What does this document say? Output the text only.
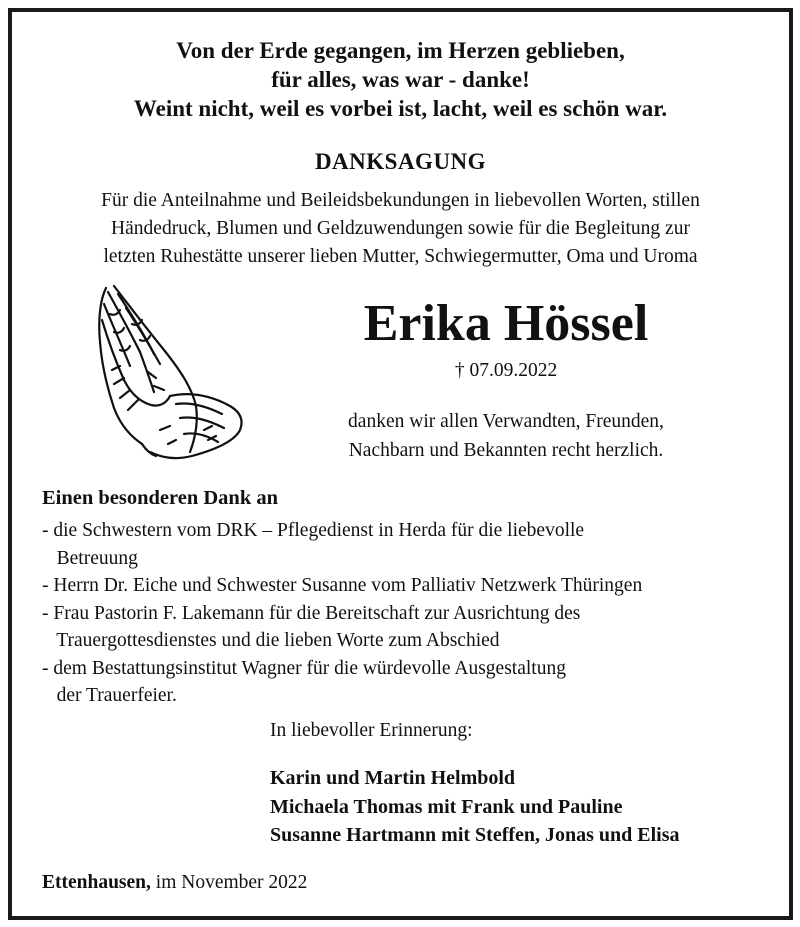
Von der Erde gegangen, im Herzen geblieben,
für alles, was war - danke!
Weint nicht, weil es vorbei ist, lacht, weil es schön war.
DANKSAGUNG
Für die Anteilnahme und Beileidsbekundungen in liebevollen Worten, stillen
Händedruck, Blumen und Geldzuwendungen sowie für die Begleitung zur
letzten Ruhestätte unserer lieben Mutter, Schwiegermutter, Oma und Uroma
Erika Hössel
† 07.09.2022
danken wir allen Verwandten, Freunden,
Nachbarn und Bekannten recht herzlich.
Einen besonderen Dank an
- die Schwestern vom DRK – Pflegedienst in Herda für die liebevolle
Betreuung
- Herrn Dr. Eiche und Schwester Susanne vom Palliativ Netzwerk Thüringen
- Frau Pastorin F. Lakemann für die Bereitschaft zur Ausrichtung des
Trauergottesdienstes und die lieben Worte zum Abschied
- dem Bestattungsinstitut Wagner für die würdevolle Ausgestaltung
der Trauerfeier.
In liebevoller Erinnerung:
Karin und Martin Helmbold
Michaela Thomas mit Frank und Pauline
Susanne Hartmann mit Steffen, Jonas und Elisa
Ettenhausen, im November 2022
